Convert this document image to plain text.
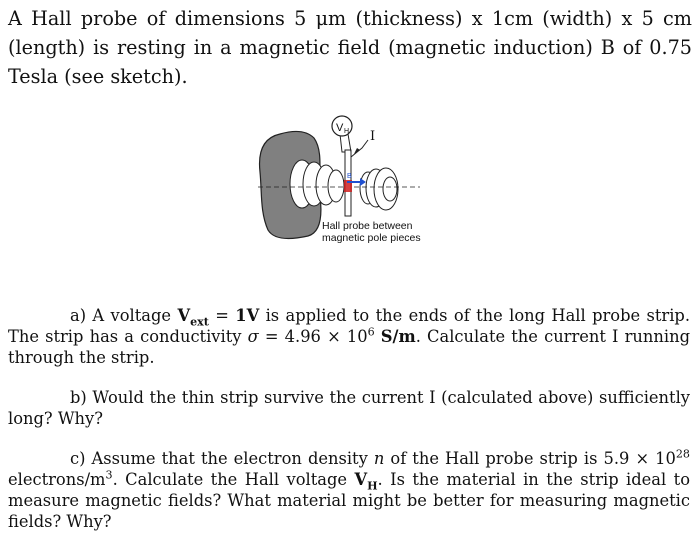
A Hall probe of dimensions 5 μm (thickness) x 1cm (width) x 5 cm (length) is resting in a magnetic field (magnetic induction) B of 0.75 Tesla (see sketch).
B
I
V H
Hall probe between
magnetic pole pieces
a) A voltage $V_{ext} = 1V$ is applied to the ends of the long Hall probe strip. The strip has a conductivity $\sigma = 4.96 \times 10^6$ S/m. Calculate the current I running through the strip.
b) Would the thin strip survive the current I (calculated above) sufficiently long? Why?
c) Assume that the electron density n of the Hall probe strip is $5.9 \times 10^{28}$ electrons/$m^3$. Calculate the Hall voltage $V_H$. Is the material in the strip ideal to measure magnetic fields? What material might be better for measuring magnetic fields? Why?
